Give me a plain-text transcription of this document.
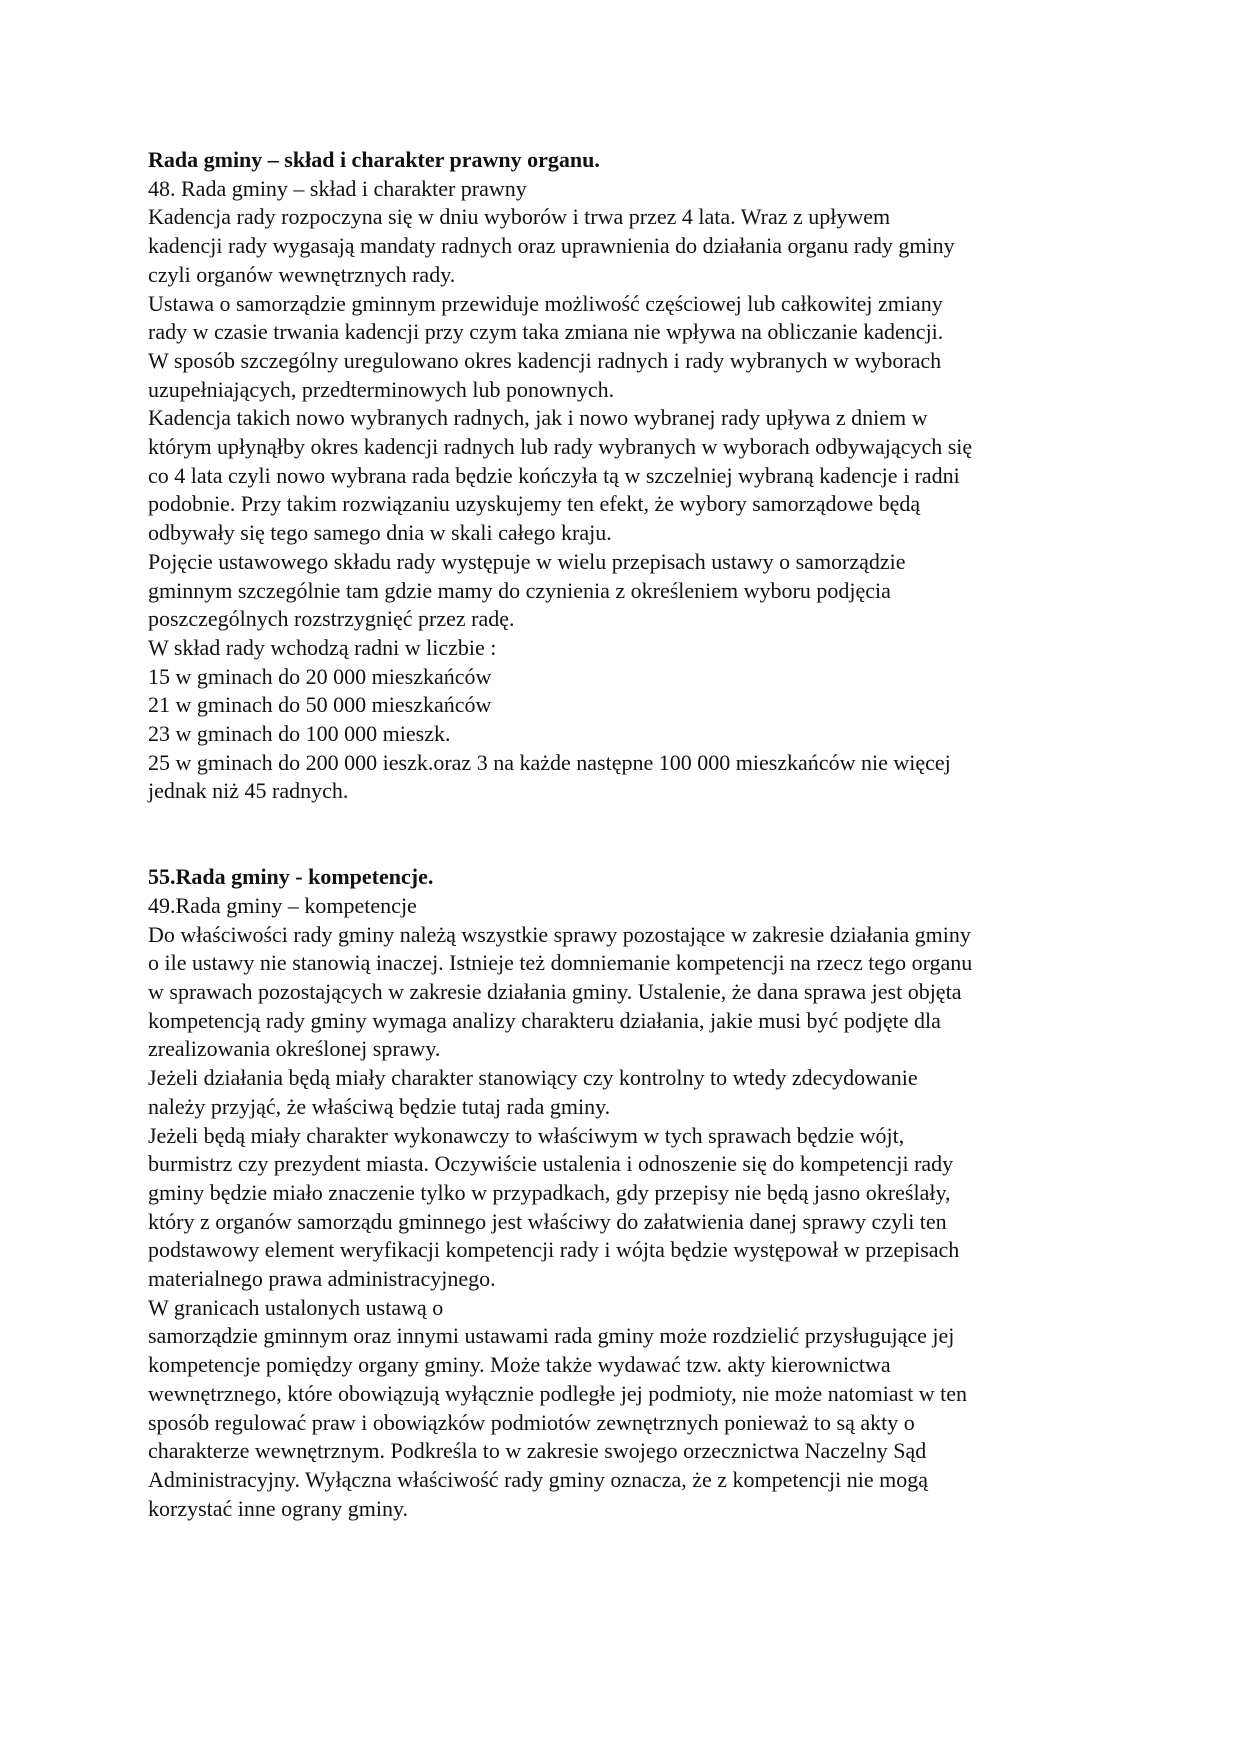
Rada gminy – skład i charakter prawny organu.
48. Rada gminy – skład i charakter prawny
Kadencja rady rozpoczyna się w dniu wyborów i trwa przez 4 lata. Wraz z upływem
kadencji rady wygasają mandaty radnych oraz uprawnienia do działania organu rady gminy
czyli organów wewnętrznych rady.
Ustawa o samorządzie gminnym przewiduje możliwość częściowej lub całkowitej zmiany
rady w czasie trwania kadencji przy czym taka zmiana nie wpływa na obliczanie kadencji.
W sposób szczególny uregulowano okres kadencji radnych i rady wybranych w wyborach
uzupełniających, przedterminowych lub ponownych.
Kadencja takich nowo wybranych radnych, jak i nowo wybranej rady upływa z dniem w
którym upłynąłby okres kadencji radnych lub rady wybranych w wyborach odbywających się
co 4 lata czyli nowo wybrana rada będzie kończyła tą w szczelniej wybraną kadencje i radni
podobnie. Przy takim rozwiązaniu uzyskujemy ten efekt, że wybory samorządowe będą
odbywały się tego samego dnia w skali całego kraju.
Pojęcie ustawowego składu rady występuje w wielu przepisach ustawy o samorządzie
gminnym szczególnie tam gdzie mamy do czynienia z określeniem wyboru podjęcia
poszczególnych rozstrzygnięć przez radę.
W skład rady wchodzą radni w liczbie :
15 w gminach do 20 000 mieszkańców
21 w gminach do 50 000 mieszkańców
23 w gminach do 100 000 mieszk.
25 w gminach do 200 000 ieszk.oraz 3 na każde następne 100 000 mieszkańców nie więcej
jednak niż 45 radnych.
55.Rada gminy - kompetencje.
49.Rada gminy – kompetencje
Do właściwości rady gminy należą wszystkie sprawy pozostające w zakresie działania gminy
o ile ustawy nie stanowią inaczej. Istnieje też domniemanie kompetencji na rzecz tego organu
w sprawach pozostających w zakresie działania gminy. Ustalenie, że dana sprawa jest objęta
kompetencją rady gminy wymaga analizy charakteru działania, jakie musi być podjęte dla
zrealizowania określonej sprawy.
Jeżeli działania będą miały charakter stanowiący czy kontrolny to wtedy zdecydowanie
należy przyjąć, że właściwą będzie tutaj rada gminy.
Jeżeli będą miały charakter wykonawczy to właściwym w tych sprawach będzie wójt,
burmistrz czy prezydent miasta. Oczywiście ustalenia i odnoszenie się do kompetencji rady
gminy będzie miało znaczenie tylko w przypadkach, gdy przepisy nie będą jasno określały,
który z organów samorządu gminnego jest właściwy do załatwienia danej sprawy czyli ten
podstawowy element weryfikacji kompetencji rady i wójta będzie występował w przepisach
materialnego prawa administracyjnego.
W granicach ustalonych ustawą o
samorządzie gminnym oraz innymi ustawami rada gminy może rozdzielić przysługujące jej
kompetencje pomiędzy organy gminy. Może także wydawać tzw. akty kierownictwa
wewnętrznego, które obowiązują wyłącznie podległe jej podmioty, nie może natomiast w ten
sposób regulować praw i obowiązków podmiotów zewnętrznych ponieważ to są akty o
charakterze wewnętrznym. Podkreśla to w zakresie swojego orzecznictwa Naczelny Sąd
Administracyjny. Wyłączna właściwość rady gminy oznacza, że z kompetencji nie mogą
korzystać inne ograny gminy.
